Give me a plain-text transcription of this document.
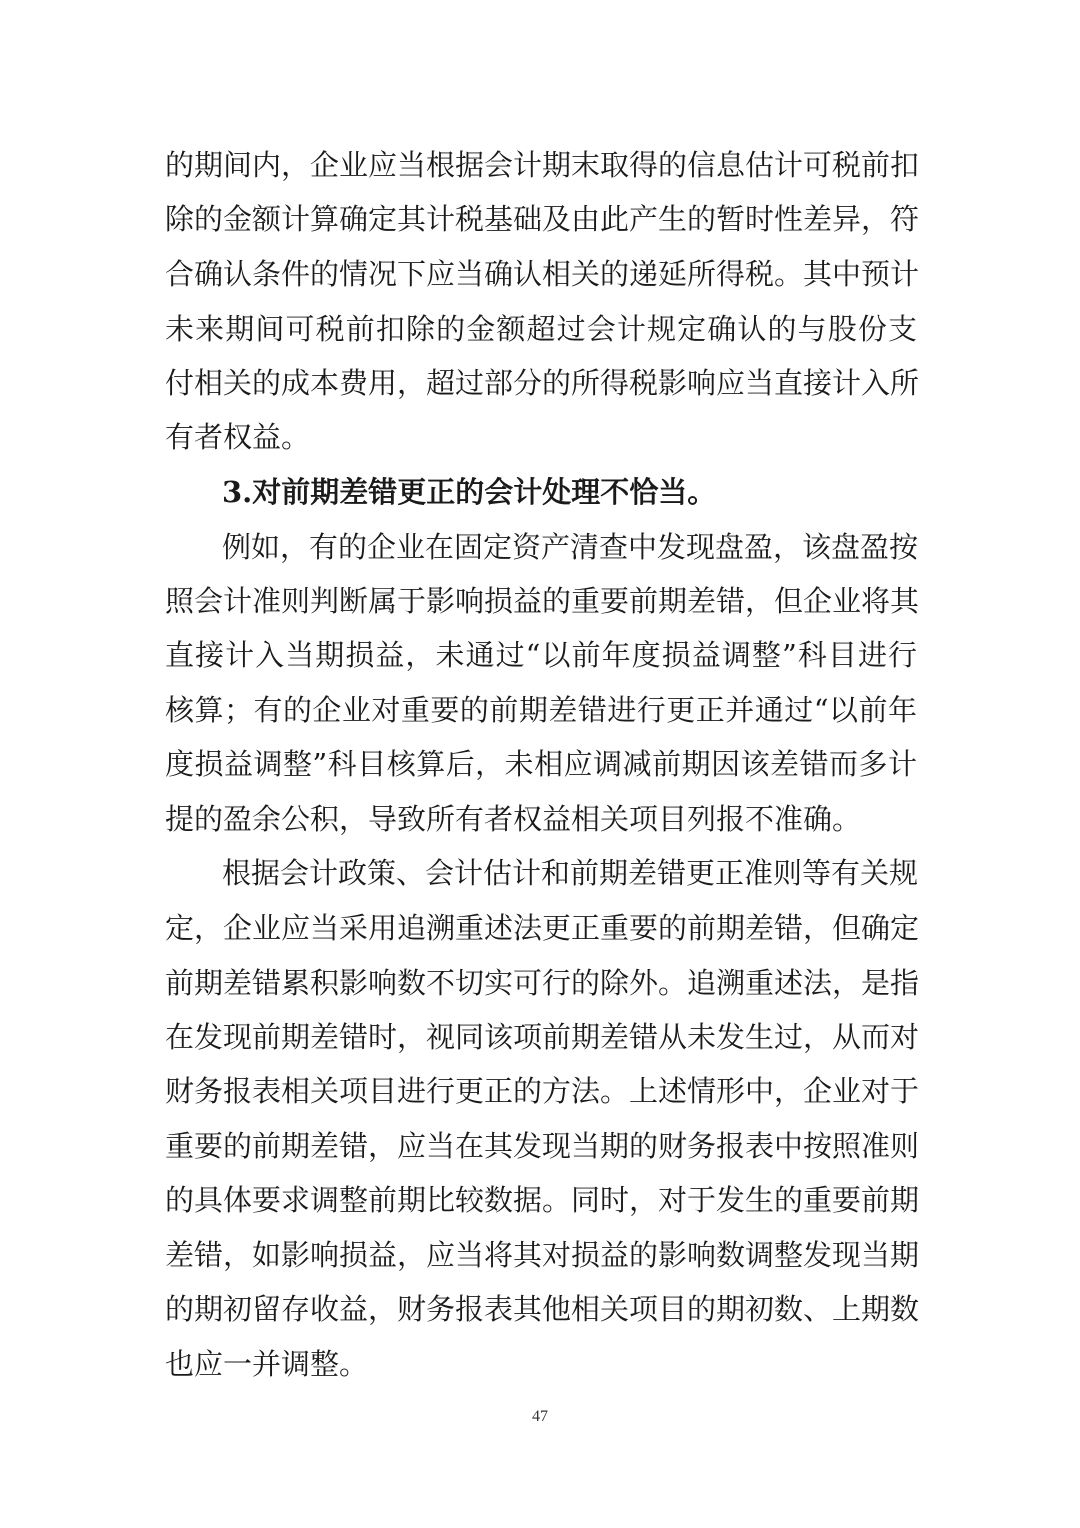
的期间内，企业应当根据会计期末取得的信息估计可税前扣
除的金额计算确定其计税基础及由此产生的暂时性差异，符
合确认条件的情况下应当确认相关的递延所得税。其中预计
未来期间可税前扣除的金额超过会计规定确认的与股份支
付相关的成本费用，超过部分的所得税影响应当直接计入所
有者权益。
3.对前期差错更正的会计处理不恰当。
例如，有的企业在固定资产清查中发现盘盈，该盘盈按
照会计准则判断属于影响损益的重要前期差错，但企业将其
直接计入当期损益，未通过“以前年度损益调整”科目进行
核算；有的企业对重要的前期差错进行更正并通过“以前年
度损益调整”科目核算后，未相应调减前期因该差错而多计
提的盈余公积，导致所有者权益相关项目列报不准确。
根据会计政策、会计估计和前期差错更正准则等有关规
定，企业应当采用追溯重述法更正重要的前期差错，但确定
前期差错累积影响数不切实可行的除外。追溯重述法，是指
在发现前期差错时，视同该项前期差错从未发生过，从而对
财务报表相关项目进行更正的方法。上述情形中，企业对于
重要的前期差错，应当在其发现当期的财务报表中按照准则
的具体要求调整前期比较数据。同时，对于发生的重要前期
差错，如影响损益，应当将其对损益的影响数调整发现当期
的期初留存收益，财务报表其他相关项目的期初数、上期数
也应一并调整。
47
